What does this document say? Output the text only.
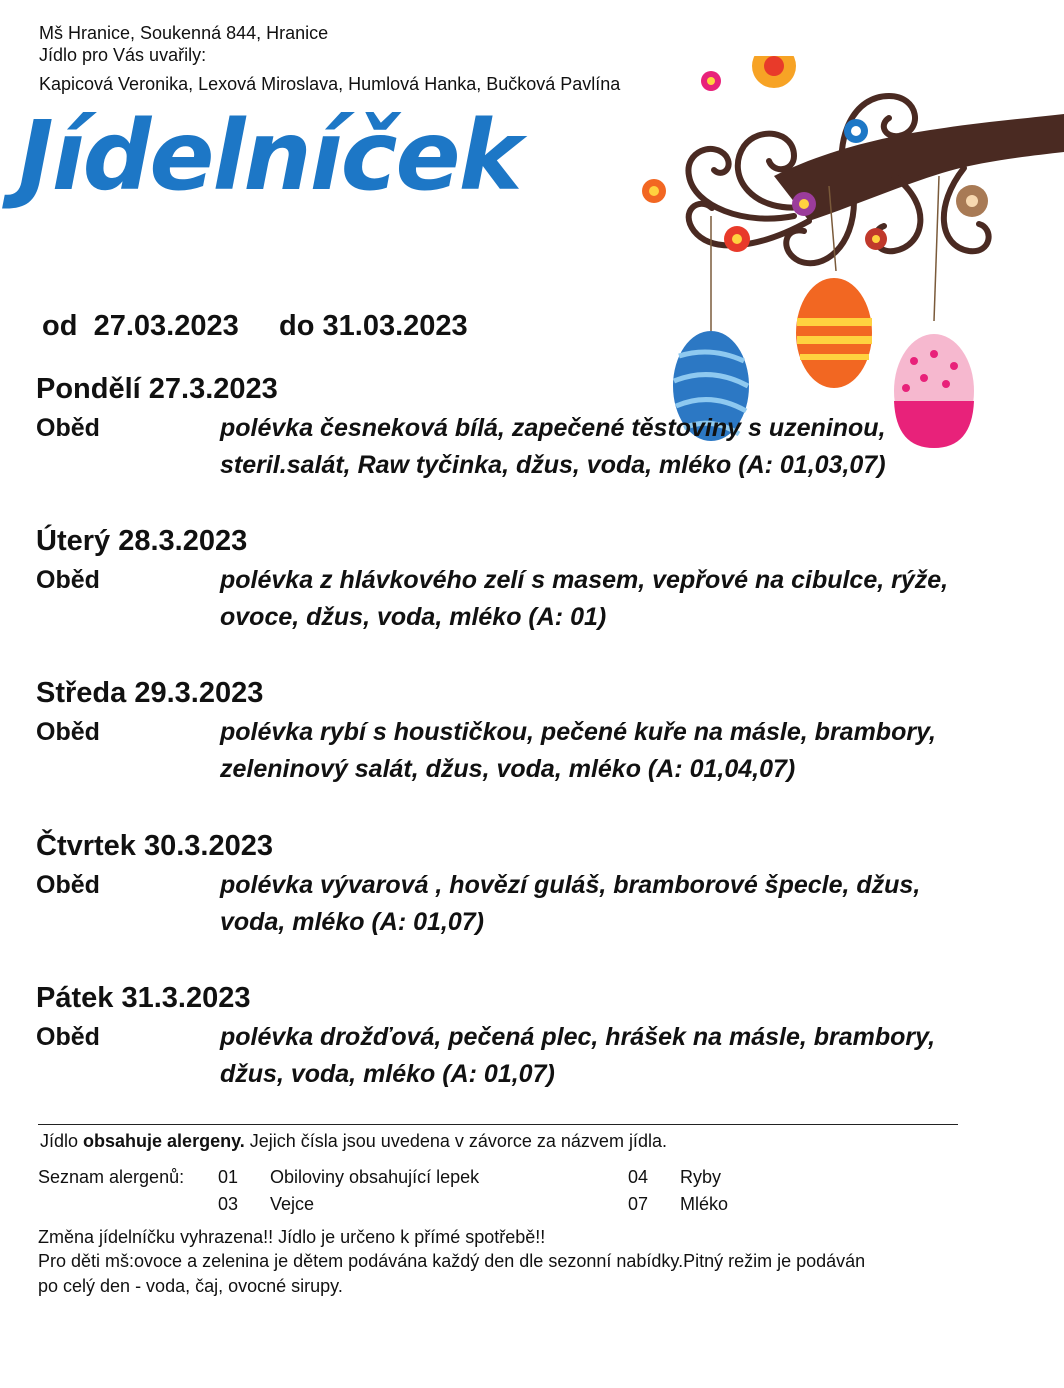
Mš Hranice, Soukenná 844, Hranice
Jídlo pro Vás uvařily:
Kapicová Veronika, Lexová Miroslava, Humlová Hanka, Bučková Pavlína
Jídelníček
od 27.03.2023 do 31.03.2023
Pondělí 27.3.2023
Oběd	polévka česneková bílá, zapečené těstoviny s uzeninou,
steril.salát, Raw tyčinka, džus, voda, mléko (A: 01,03,07)
Úterý 28.3.2023
Oběd	polévka z hlávkového zelí s masem, vepřové na cibulce, rýže,
ovoce, džus, voda, mléko (A: 01)
Středa 29.3.2023
Oběd	polévka rybí s houstičkou, pečené kuře na másle, brambory,
zeleninový salát, džus, voda, mléko (A: 01,04,07)
Čtvrtek 30.3.2023
Oběd	polévka vývarová , hovězí guláš, bramborové špecle, džus,
voda, mléko (A: 01,07)
Pátek 31.3.2023
Oběd	polévka drožďová, pečená plec, hrášek na másle, brambory,
džus, voda, mléko (A: 01,07)
Jídlo obsahuje alergeny. Jejich čísla jsou uvedena v závorce za názvem jídla.
Seznam alergenů: 01 Obiloviny obsahující lepek	04 Ryby
03 Vejce	07 Mléko
Změna jídelníčku vyhrazena!! Jídlo je určeno k přímé spotřebě!!
Pro děti mš:ovoce a zelenina je dětem podávána každý den dle sezonní nabídky.Pitný režim je podáván
po celý den - voda, čaj, ovocné sirupy.
